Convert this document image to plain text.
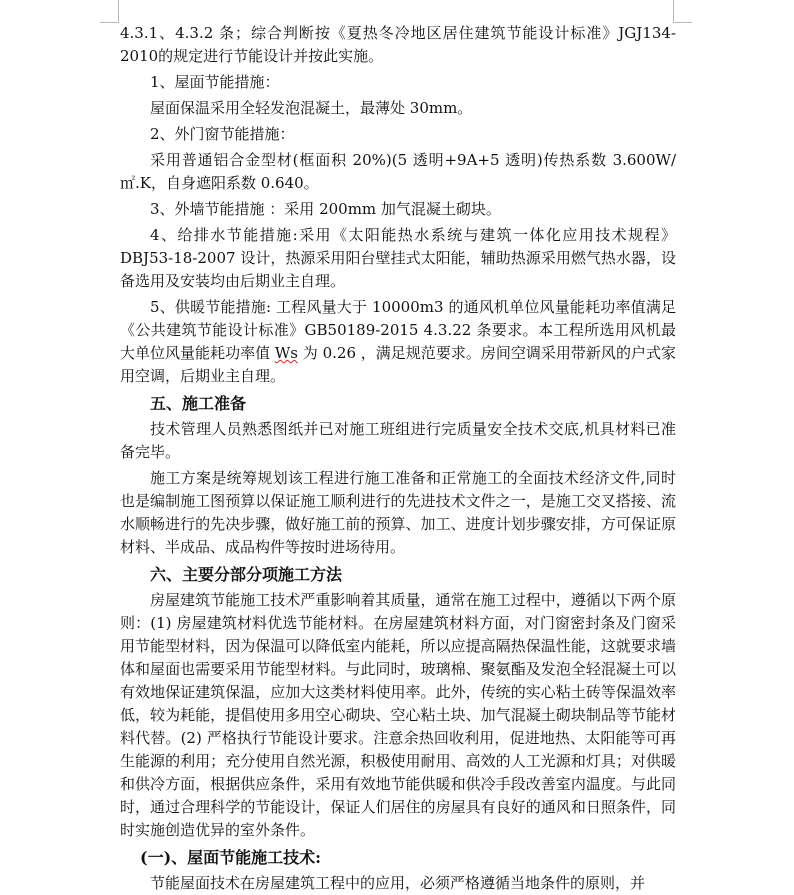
4.3.1、4.3.2 条；综合判断按《夏热冬冷地区居住建筑节能设计标准》JGJ134-2010的规定进行节能设计并按此实施。

1、屋面节能措施：

屋面保温采用全轻发泡混凝土，最薄处 30mm。

2、外门窗节能措施：

采用普通铝合金型材(框面积 20%)(5 透明+9A+5 透明)传热系数 3.600W/㎡.K，自身遮阳系数 0.640。

3、外墙节能措施 ：采用 200mm 加气混凝土砌块。

4、给排水节能措施:采用《太阳能热水系统与建筑一体化应用技术规程》DBJ53-18-2007 设计，热源采用阳台壁挂式太阳能，辅助热源采用燃气热水器，设备选用及安装均由后期业主自理。

5、供暖节能措施: 工程风量大于 10000m3 的通风机单位风量能耗功率值满足《公共建筑节能设计标准》GB50189-2015 4.3.22 条要求。本工程所选用风机最大单位风量能耗功率值 Ws 为 0.26 ，满足规范要求。房间空调采用带新风的户式家用空调，后期业主自理。

五、施工准备

技术管理人员熟悉图纸并已对施工班组进行完质量安全技术交底,机具材料已准备完毕。

施工方案是统筹规划该工程进行施工准备和正常施工的全面技术经济文件,同时也是编制施工图预算以保证施工顺利进行的先进技术文件之一，是施工交叉搭接、流水顺畅进行的先决步骤，做好施工前的预算、加工、进度计划步骤安排，方可保证原材料、半成品、成品构件等按时进场待用。

六、主要分部分项施工方法

房屋建筑节能施工技术严重影响着其质量，通常在施工过程中，遵循以下两个原则：(1) 房屋建筑材料优选节能材料。在房屋建筑材料方面，对门窗密封条及门窗采用节能型材料，因为保温可以降低室内能耗，所以应提高隔热保温性能，这就要求墙体和屋面也需要采用节能型材料。与此同时，玻璃棉、聚氨酯及发泡全轻混凝土可以有效地保证建筑保温，应加大这类材料使用率。此外，传统的实心粘土砖等保温效率低，较为耗能，提倡使用多用空心砌块、空心粘土块、加气混凝土砌块制品等节能材料代替。(2) 严格执行节能设计要求。注意余热回收利用，促进地热、太阳能等可再生能源的利用；充分使用自然光源，积极使用耐用、高效的人工光源和灯具；对供暖和供冷方面，根据供应条件，采用有效地节能供暖和供冷手段改善室内温度。与此同时，通过合理科学的节能设计，保证人们居住的房屋具有良好的通风和日照条件，同时实施创造优异的室外条件。

(一)、屋面节能施工技术:

节能屋面技术在房屋建筑工程中的应用，必须严格遵循当地条件的原则，并
